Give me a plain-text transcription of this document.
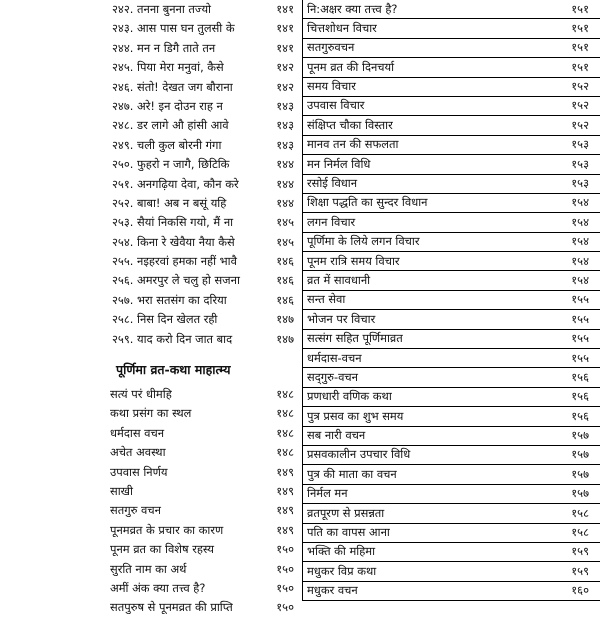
२४२. तनना बुनना तज्यो	१४१
२४३. आस पास घन तुलसी के	१४१
२४४. मन न डिगै ताते तन	१४१
२४५. पिया मेरा मनुवां, कैसे	१४२
२४६. संतो! देखत जग बौराना	१४२
२४७. अरे! इन दोउन राह न	१४३
२४८. डर लागे औ हांसी आवे	१४३
२४९. चली कुल बोरनी गंगा	१४३
२५०. फुहरो न जागै, छिटिकि	१४४
२५१. अनगढ़िया देवा, कौन करे	१४४
२५२. बाबा! अब न बसूं यहि	१४४
२५३. सैयां निकसि गयो, मैं ना	१४५
२५४. किना रे खेवैया नैया कैसे	१४५
२५५. नइहरवां हमका नहीं भावै	१४६
२५६. अमरपुर ले चलु हो सजना	१४६
२५७. भरा सतसंग का दरिया	१४६
२५८. निस दिन खेलत रही	१४७
२५९. याद करो दिन जात बाद	१४७
पूर्णिमा व्रत-कथा माहात्म्य
सत्यं परं धीमहि	१४८
कथा प्रसंग का स्थल	१४८
धर्मदास वचन	१४८
अचेत अवस्था	१४८
उपवास निर्णय	१४९
साखी	१४९
सतगुरु वचन	१४९
पूनमव्रत के प्रचार का कारण	१४९
पूनम व्रत का विशेष रहस्य	१५०
सुरति नाम का अर्थ	१५०
अमीं अंक क्या तत्त्व है?	१५०
सतपुरुष से पूनमव्रत की प्राप्ति	१५०
नि:अक्षर क्या तत्त्व है?	१५१
चित्तशोधन विचार	१५१
सतगुरुवचन	१५१
पूनम व्रत की दिनचर्या	१५१
समय विचार	१५२
उपवास विचार	१५२
संक्षिप्त चौका विस्तार	१५२
मानव तन की सफलता	१५३
मन निर्मल विधि	१५३
रसोई विधान	१५३
शिक्षा पद्धति का सुन्दर विधान	१५४
लगन विचार	१५४
पूर्णिमा के लिये लगन विचार	१५४
पूनम रात्रि समय विचार	१५४
व्रत में सावधानी	१५४
सन्त सेवा	१५५
भोजन पर विचार	१५५
सत्संग सहित पूर्णिमाव्रत	१५५
धर्मदास-वचन	१५५
सद्‌गुरु-वचन	१५६
प्रणधारी वणिक कथा	१५६
पुत्र प्रसव का शुभ समय	१५६
सब नारी वचन	१५७
प्रसवकालीन उपचार विधि	१५७
पुत्र की माता का वचन	१५७
निर्मल मन	१५७
व्रतपूरण से प्रसन्नता	१५८
पति का वापस आना	१५८
भक्ति की महिमा	१५९
मधुकर विप्र कथा	१५९
मधुकर वचन	१६०
